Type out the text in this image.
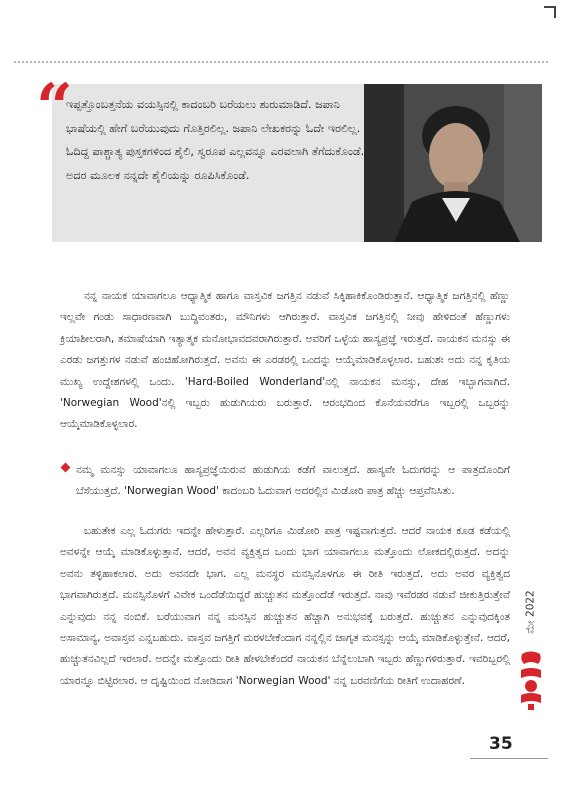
“
ಇಪ್ಪತ್ತೊಂಬತ್ತನೆಯ ವಯಸ್ಸಿನಲ್ಲಿ ಕಾದಂಬರಿ ಬರೆಯಲು ಶುರುಮಾಡಿದೆ. ಜಪಾನಿ ಭಾಷೆಯಲ್ಲಿ ಹೇಗೆ ಬರೆಯುವುದು ಗೊತ್ತಿರಲಿಲ್ಲ. ಜಪಾನಿ ಲೇಖಕರನ್ನು ಓದೇ ಇರಲಿಲ್ಲ. ಓದಿದ್ದ ಪಾಶ್ಚಾತ್ಯ ಪುಸ್ತಕಗಳಿಂದ ಶೈಲಿ, ಸ್ವರೂಪ ಎಲ್ಲವನ್ನೂ ಎರವಲಾಗಿ ತೆಗೆದುಕೊಂಡೆ. ಅದರ ಮೂಲಕ ನನ್ನದೇ ಶೈಲಿಯನ್ನು ರೂಪಿಸಿಕೊಂಡೆ.

ನನ್ನ ನಾಯಕ ಯಾವಾಗಲೂ ಆಧ್ಯಾತ್ಮಿಕ ಹಾಗೂ ವಾಸ್ತವಿಕ ಜಗತ್ತಿನ ನಡುವೆ ಸಿಕ್ಕಿಹಾಕಿಕೊಂಡಿರುತ್ತಾನೆ. ಆಧ್ಯಾತ್ಮಿಕ ಜಗತ್ತಿನಲ್ಲಿ ಹೆಣ್ಣು ಇಲ್ಲವೇ ಗಂಡು ಸಾಧಾರಣವಾಗಿ ಬುದ್ಧಿವಂತರು, ಮೌನಿಗಳು ಆಗಿರುತ್ತಾರೆ. ವಾಸ್ತವಿಕ ಜಗತ್ತಿನಲ್ಲಿ ನೀವು ಹೇಳಿದಂತೆ ಹೆಣ್ಣುಗಳು ಕ್ರಿಯಾಶೀಲರಾಗಿ, ತಮಾಷೆಯಾಗಿ ಇತ್ಯಾತ್ಮಕ ಮನೋಭಾವದವರಾಗಿರುತ್ತಾರೆ. ಅವರಿಗೆ ಒಳ್ಳೆಯ ಹಾಸ್ಯಪ್ರಜ್ಞೆ ಇರುತ್ತದೆ. ನಾಯಕನ ಮನಸ್ಸು ಈ ಎರಡು ಜಗತ್ತುಗಳ ನಡುವೆ ಹಂಚಿಹೋಗಿರುತ್ತದೆ. ಅವನು ಈ ಎರಡರಲ್ಲಿ ಒಂದನ್ನು ಆಯ್ಕೆಮಾಡಿಕೊಳ್ಳಲಾರ. ಬಹುಶಃ ಅದು ನನ್ನ ಕೃತಿಯ ಮುಖ್ಯ ಉದ್ದೇಶಗಳಲ್ಲಿ ಒಂದು. 'Hard-Boiled Wonderland'ನಲ್ಲಿ ನಾಯಕನ ಮನಸ್ಸು, ದೇಹ ಇಬ್ಭಾಗವಾಗಿದೆ. 'Norwegian Wood'ನಲ್ಲಿ ಇಬ್ಬರು ಹುಡುಗಿಯರು ಬರುತ್ತಾರೆ. ಆರಂಭದಿಂದ ಕೊನೆಯವರೆಗೂ ಇಬ್ಬರಲ್ಲಿ ಒಬ್ಬರನ್ನು ಆಯ್ಕೆಮಾಡಿಕೊಳ್ಳಲಾರ.

ನಮ್ಮ ಮನಸ್ಸು ಯಾವಾಗಲೂ ಹಾಸ್ಯಪ್ರಜ್ಞೆಯಿರುವ ಹುಡುಗಿಯ ಕಡೆಗೆ ವಾಲುತ್ತದೆ. ಹಾಸ್ಯವೇ ಓದುಗರನ್ನು ಆ ಪಾತ್ರದೊಂದಿಗೆ ಬೆಸೆಯುತ್ತದೆ. 'Norwegian Wood' ಕಾದಂಬರಿ ಓದುವಾಗ ಅದರಲ್ಲಿನ ಮಿಡೋರಿ ಪಾತ್ರ ಹೆಚ್ಚು ಆಪ್ತವೆನಿಸಿತು.

ಬಹುತೇಕ ಎಲ್ಲ ಓದುಗರು ಇದನ್ನೇ ಹೇಳುತ್ತಾರೆ. ಎಲ್ಲರಿಗೂ ಮಿಡೋರಿ ಪಾತ್ರ ಇಷ್ಟವಾಗುತ್ತದೆ. ಆದರೆ ನಾಯಕ ಕೂಡ ಕಡೆಯಲ್ಲಿ ಅವಳನ್ನೇ ಆಯ್ಕೆ ಮಾಡಿಕೊಳ್ಳುತ್ತಾನೆ. ಆದರೆ, ಅವನ ವ್ಯಕ್ತಿತ್ವದ ಒಂದು ಭಾಗ ಯಾವಾಗಲೂ ಮತ್ತೊಂದು ಲೋಕದಲ್ಲಿರುತ್ತದೆ. ಅದನ್ನು ಅವನು ತಳ್ಳಿಹಾಕಲಾರ. ಅದು ಅವನದೇ ಭಾಗ. ಎಲ್ಲ ಮನಸ್ಥರ ಮನಸ್ಸಿನೊಳಗೂ ಈ ರೀತಿ ಇರುತ್ತದೆ. ಅದು ಅವರ ವ್ಯಕ್ತಿತ್ವದ ಭಾಗವಾಗಿರುತ್ತದೆ. ಮನಸ್ಸಿನೊಳಗೆ ವಿವೇಕ ಒಂದೆಡೆಯಿದ್ದರೆ ಹುಚ್ಚುತನ ಮತ್ತೊಂದೆಡೆ ಇರುತ್ತದೆ. ನಾವು ಇವೆರಡರ ನಡುವೆ ಜೀಕುತ್ತಿರುತ್ತೇವೆ ಎನ್ನುವುದು ನನ್ನ ನಂಬಿಕೆ. ಬರೆಯುವಾಗ ನನ್ನ ಮನಸ್ಸಿನ ಹುಚ್ಚುತನ ಹೆಚ್ಚಾಗಿ ಅನುಭವಕ್ಕೆ ಬರುತ್ತದೆ. ಹುಚ್ಚುತನ ಎನ್ನುವುದಕ್ಕಿಂತ ಅಸಾಮಾನ್ಯ, ಅವಾಸ್ತವ ಎನ್ನಬಹುದು. ವಾಸ್ತವ ಜಗತ್ತಿಗೆ ಮರಳಬೇಕೆಂದಾಗ ನನ್ನಲ್ಲಿನ ಜಾಗೃತ ಮನಸ್ಸನ್ನು ಆಯ್ಕೆ ಮಾಡಿಕೊಳ್ಳುತ್ತೇನೆ. ಆದರೆ, ಹುಚ್ಚುತನವಿಲ್ಲದೆ ಇರಲಾರೆ. ಅದನ್ನೇ ಮತ್ತೊಂದು ರೀತಿ ಹೇಳಬೇಕೆಂದರೆ ನಾಯಕನ ಬೆನ್ನೆಲುಬಾಗಿ ಇಬ್ಬರು ಹೆಣ್ಣುಗಳಿರುತ್ತಾರೆ. ಇವರಿಬ್ಬರಲ್ಲಿ ಯಾರನ್ನೂ ಬಿಟ್ಟಿರಲಾರ. ಆ ದೃಷ್ಟಿಯಿಂದ ನೋಡಿದಾಗ 'Norwegian Wood' ನನ್ನ ಬರವಣಿಗೆಯ ರೀತಿಗೆ ಉದಾಹರಣೆ.

ಮೇ 2022
35
